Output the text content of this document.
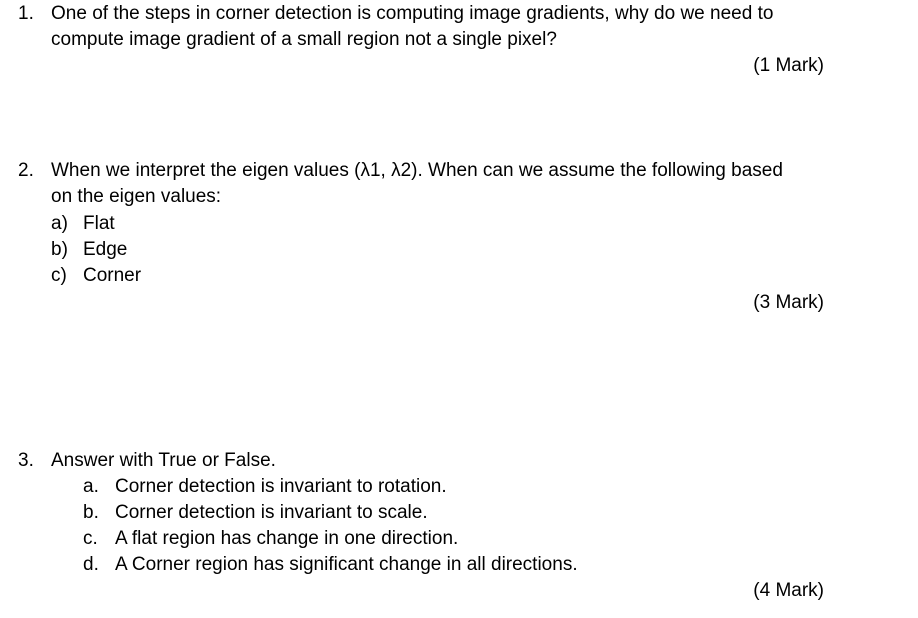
1. One of the steps in corner detection is computing image gradients, why do we need to
compute image gradient of a small region not a single pixel?
(1 Mark)
2. When we interpret the eigen values (λ1, λ2). When can we assume the following based
on the eigen values:
a) Flat
b) Edge
c) Corner
(3 Mark)
3. Answer with True or False.
a. Corner detection is invariant to rotation.
b. Corner detection is invariant to scale.
c. A flat region has change in one direction.
d. A Corner region has significant change in all directions.
(4 Mark)
